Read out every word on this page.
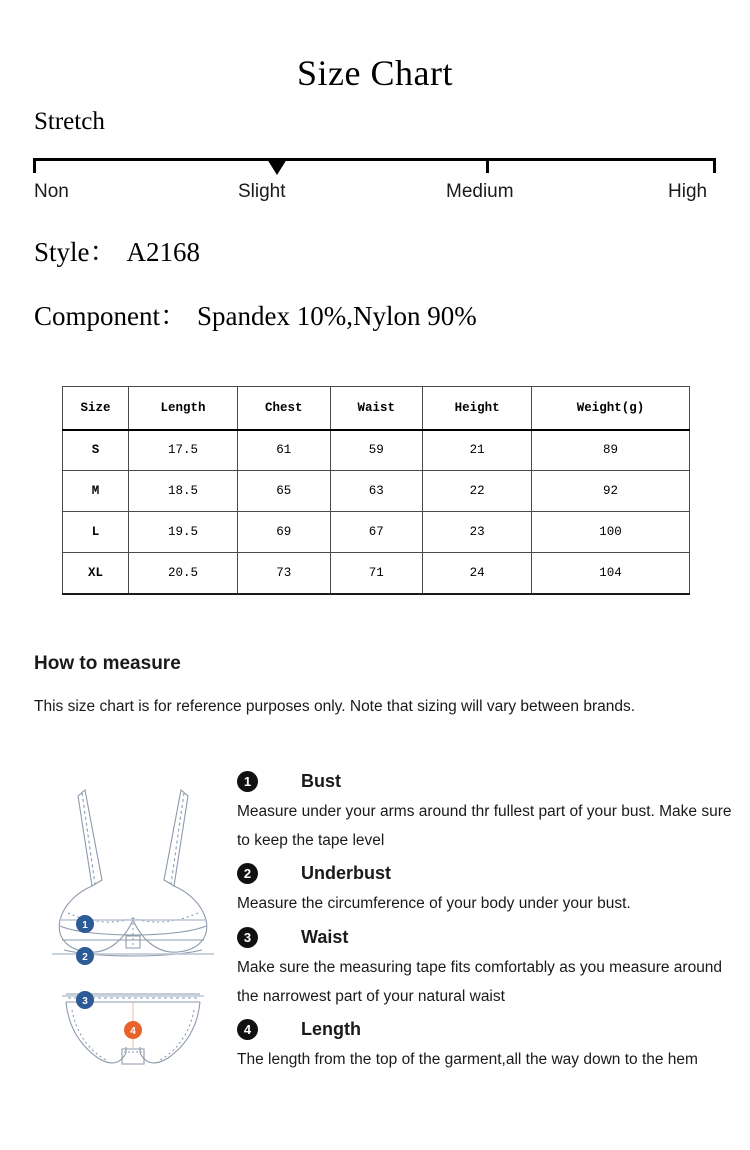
Size Chart
Stretch
Non	Slight	Medium	High
Style： A2168
Component： Spandex 10%,Nylon 90%
Size	Length	Chest	Waist	Height	Weight(g)
S	17.5	61	59	21	89
M	18.5	65	63	22	92
L	19.5	69	67	23	100
XL	20.5	73	71	24	104
How to measure
This size chart is for reference purposes only. Note that sizing will vary between brands.
1
2
3
4
1	Bust
Measure under your arms around thr fullest part of your bust. Make sure to keep the tape level
2	Underbust
Measure the circumference of your body under your bust.
3	Waist
Make sure the measuring tape fits comfortably as you measure around the narrowest part of your natural waist
4	Length
The length from the top of the garment,all the way down to the hem
